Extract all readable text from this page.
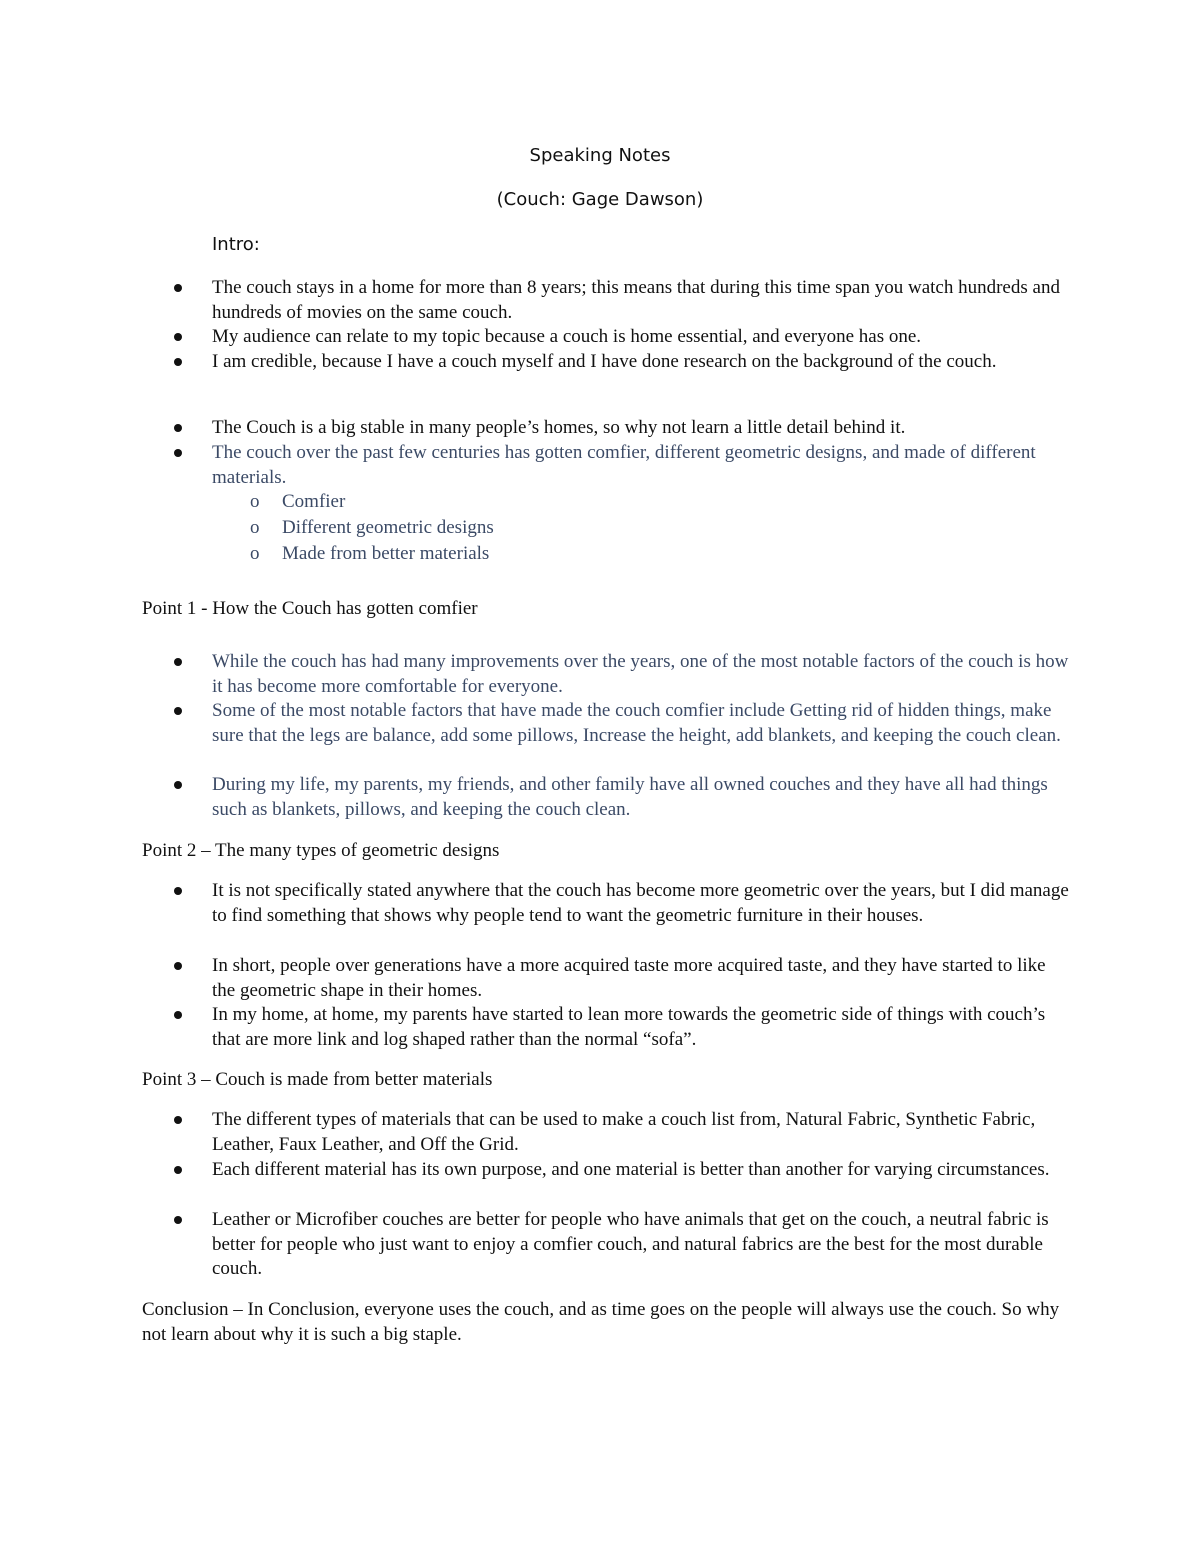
Speaking Notes
(Couch: Gage Dawson)
Intro:
The couch stays in a home for more than 8 years; this means that during this time span you watch hundreds and hundreds of movies on the same couch.
My audience can relate to my topic because a couch is home essential, and everyone has one.
I am credible, because I have a couch myself and I have done research on the background of the couch.
The Couch is a big stable in many people’s homes, so why not learn a little detail behind it.
The couch over the past few centuries has gotten comfier, different geometric designs, and made of different materials.
o Comfier
o Different geometric designs
o Made from better materials
Point 1 - How the Couch has gotten comfier
While the couch has had many improvements over the years, one of the most notable factors of the couch is how it has become more comfortable for everyone.
Some of the most notable factors that have made the couch comfier include Getting rid of hidden things, make sure that the legs are balance, add some pillows, Increase the height, add blankets, and keeping the couch clean.
During my life, my parents, my friends, and other family have all owned couches and they have all had things such as blankets, pillows, and keeping the couch clean.
Point 2 – The many types of geometric designs
It is not specifically stated anywhere that the couch has become more geometric over the years, but I did manage to find something that shows why people tend to want the geometric furniture in their houses.
In short, people over generations have a more acquired taste more acquired taste, and they have started to like the geometric shape in their homes.
In my home, at home, my parents have started to lean more towards the geometric side of things with couch’s that are more link and log shaped rather than the normal “sofa”.
Point 3 – Couch is made from better materials
The different types of materials that can be used to make a couch list from, Natural Fabric, Synthetic Fabric, Leather, Faux Leather, and Off the Grid.
Each different material has its own purpose, and one material is better than another for varying circumstances.
Leather or Microfiber couches are better for people who have animals that get on the couch, a neutral fabric is better for people who just want to enjoy a comfier couch, and natural fabrics are the best for the most durable couch.
Conclusion – In Conclusion, everyone uses the couch, and as time goes on the people will always use the couch. So why not learn about why it is such a big staple.
